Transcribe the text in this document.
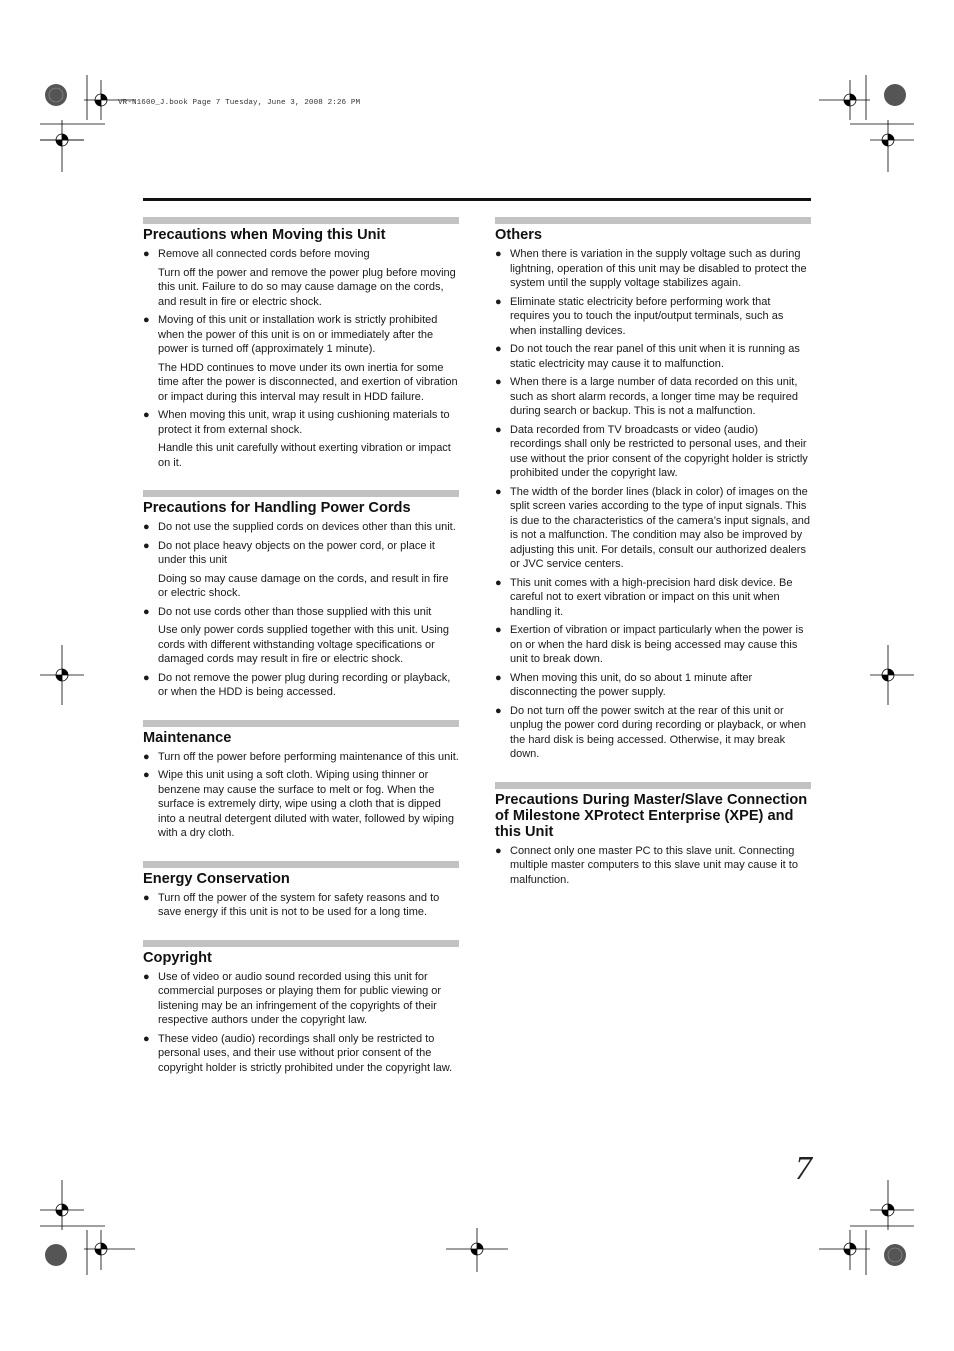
VR-N1600_J.book Page 7 Tuesday, June 3, 2008 2:26 PM
Precautions when Moving this Unit
● Remove all connected cords before moving

Turn off the power and remove the power plug before moving this unit. Failure to do so may cause damage on the cords, and result in fire or electric shock.

● Moving of this unit or installation work is strictly prohibited when the power of this unit is on or immediately after the power is turned off (approximately 1 minute).

The HDD continues to move under its own inertia for some time after the power is disconnected, and exertion of vibration or impact during this interval may result in HDD failure.

● When moving this unit, wrap it using cushioning materials to protect it from external shock.

Handle this unit carefully without exerting vibration or impact on it.

Precautions for Handling Power Cords
● Do not use the supplied cords on devices other than this unit.

● Do not place heavy objects on the power cord, or place it under this unit

Doing so may cause damage on the cords, and result in fire or electric shock.

● Do not use cords other than those supplied with this unit

Use only power cords supplied together with this unit. Using cords with different withstanding voltage specifications or damaged cords may result in fire or electric shock.

● Do not remove the power plug during recording or playback, or when the HDD is being accessed.

Maintenance
● Turn off the power before performing maintenance of this unit.

● Wipe this unit using a soft cloth. Wiping using thinner or benzene may cause the surface to melt or fog. When the surface is extremely dirty, wipe using a cloth that is dipped into a neutral detergent diluted with water, followed by wiping with a dry cloth.

Energy Conservation
● Turn off the power of the system for safety reasons and to save energy if this unit is not to be used for a long time.

Copyright
● Use of video or audio sound recorded using this unit for commercial purposes or playing them for public viewing or listening may be an infringement of the copyrights of their respective authors under the copyright law.

● These video (audio) recordings shall only be restricted to personal uses, and their use without prior consent of the copyright holder is strictly prohibited under the copyright law.

Others
● When there is variation in the supply voltage such as during lightning, operation of this unit may be disabled to protect the system until the supply voltage stabilizes again.

● Eliminate static electricity before performing work that requires you to touch the input/output terminals, such as when installing devices.

● Do not touch the rear panel of this unit when it is running as static electricity may cause it to malfunction.

● When there is a large number of data recorded on this unit, such as short alarm records, a longer time may be required during search or backup. This is not a malfunction.

● Data recorded from TV broadcasts or video (audio) recordings shall only be restricted to personal uses, and their use without the prior consent of the copyright holder is strictly prohibited under the copyright law.

● The width of the border lines (black in color) of images on the split screen varies according to the type of input signals. This is due to the characteristics of the camera’s input signals, and is not a malfunction. The condition may also be improved by adjusting this unit. For details, consult our authorized dealers or JVC service centers.

● This unit comes with a high-precision hard disk device. Be careful not to exert vibration or impact on this unit when handling it.

● Exertion of vibration or impact particularly when the power is on or when the hard disk is being accessed may cause this unit to break down.

● When moving this unit, do so about 1 minute after disconnecting the power supply.

● Do not turn off the power switch at the rear of this unit or unplug the power cord during recording or playback, or when the hard disk is being accessed. Otherwise, it may break down.

Precautions During Master/Slave Connection of Milestone XProtect Enterprise (XPE) and this Unit
● Connect only one master PC to this slave unit. Connecting multiple master computers to this slave unit may cause it to malfunction.

7
